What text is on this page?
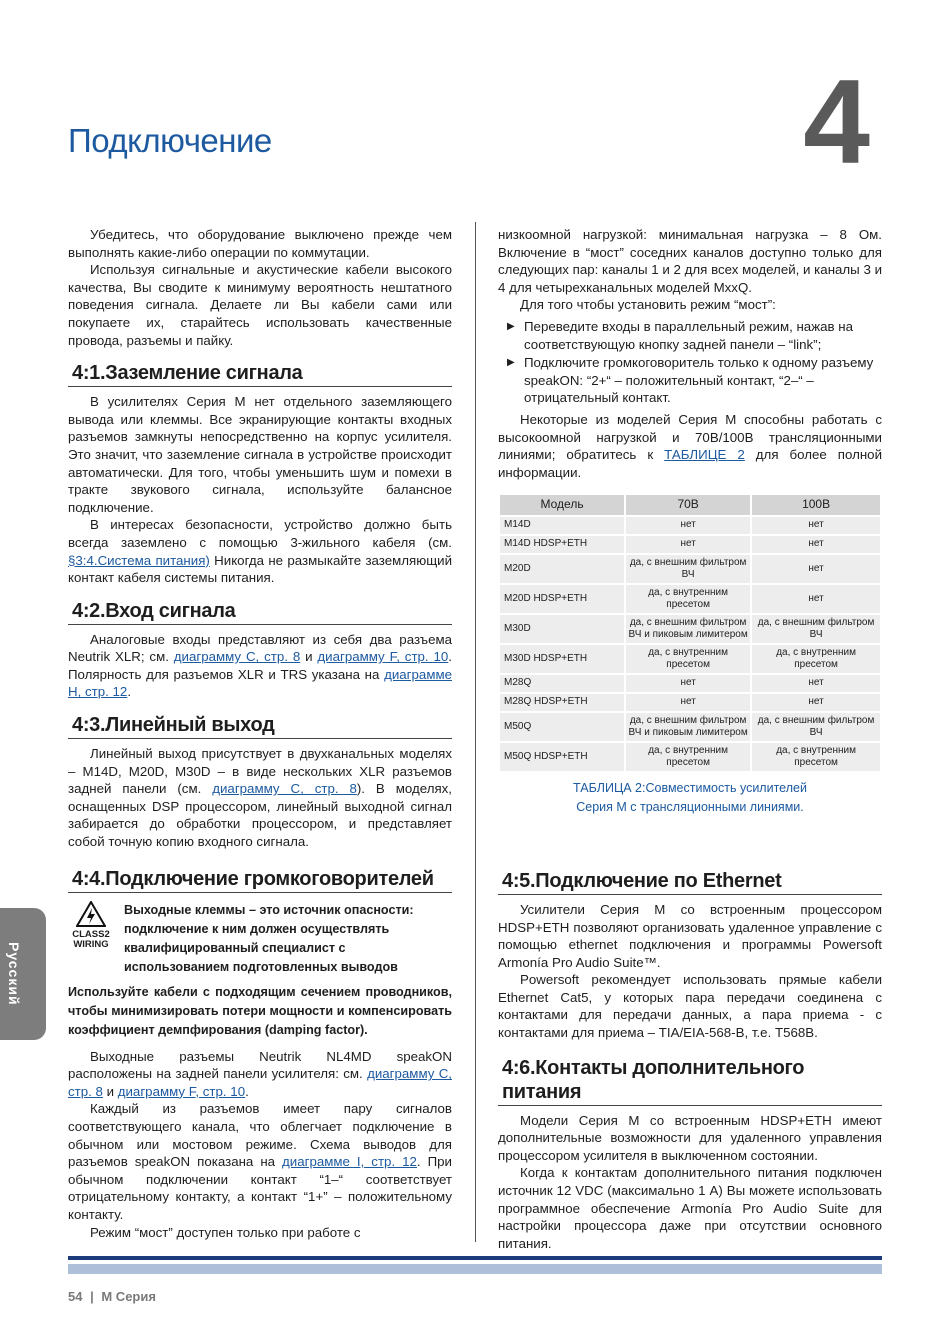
Подключение	4

Убедитесь, что оборудование выключено прежде чем выполнять какие-либо операции по коммутации.

Используя сигнальные и акустические кабели высокого качества, Вы сводите к минимуму вероятность нештатного поведения сигнала. Делаете ли Вы кабели сами или покупаете их, старайтесь использовать качественные провода, разъемы и пайку.

4:1.Заземление сигнала

В усилителях Серия М нет отдельного заземляющего вывода или клеммы. Все экранирующие контакты входных разъемов замкнуты непосредственно на корпус усилителя. Это значит, что заземление сигнала в устройстве происходит автоматически. Для того, чтобы уменьшить шум и помехи в тракте звукового сигнала, используйте балансное подключение.

В интересах безопасности, устройство должно быть всегда заземлено с помощью 3-жильного кабеля (см. §3:4.Система питания) Никогда не размыкайте заземляющий контакт кабеля системы питания.

4:2.Вход сигнала

Аналоговые входы представляют из себя два разъема Neutrik XLR; см. диаграмму C, стр. 8 и диаграмму F, стр. 10. Полярность для разъемов XLR и TRS указана на диаграмме H, стр. 12.

4:3.Линейный выход

Линейный выход присутствует в двухканальных моделях – M14D, M20D, M30D – в виде нескольких XLR разъемов задней панели (см. диаграмму C, стр. 8). В моделях, оснащенных DSP процессором, линейный выходной сигнал забирается до обработки процессором, и представляет собой точную копию входного сигнала.

4:4.Подключение громкоговорителей
CLASS2
WIRING
Выходные клеммы – это источник опасности: подключение к ним должен осуществлять квалифицированный специалист с использованием подготовленных выводов

Используйте кабели с подходящим сечением проводников, чтобы минимизировать потери мощности и компенсировать коэффициент демпфирования (damping factor).

Выходные разъемы Neutrik NL4MD speakON расположены на задней панели усилителя: см. диаграмму C, стр. 8 и диаграмму F, стр. 10.

Каждый из разъемов имеет пару сигналов соответствующего канала, что облегчает подключение в обычном или мостовом режиме. Схема выводов для разъемов speakON показана на диаграмме I, стр. 12. При обычном подключении контакт “1–“ соответствует отрицательному контакту, а контакт “1+” – положительному контакту.

Режим “мост” доступен только при работе с

низкоомной нагрузкой: минимальная нагрузка – 8 Ом. Включение в “мост” соседних каналов доступно только для следующих пар: каналы 1 и 2 для всех моделей, и каналы 3 и 4 для четырехканальных моделей MxxQ.

Для того чтобы установить режим “мост”:

▶ Переведите входы в параллельный режим, нажав на соответствующую кнопку задней панели – “link”;
▶ Подключите громкоговоритель только к одному разъему speakON: “2+“ – положительный контакт, “2–“ – отрицательный контакт.

Некоторые из моделей Серия М способны работать с высокоомной нагрузкой и 70В/100В трансляционными линиями; обратитесь к ТАБЛИЦЕ 2 для более полной информации.

Модель	70В	100В
M14D	нет	нет
M14D HDSP+ETH	нет	нет
M20D	да, с внешним фильтром ВЧ	нет
M20D HDSP+ETH	да, с внутренним пресетом	нет
M30D	да, с внешним фильтром ВЧ и пиковым лимитером	да, с внешним фильтром ВЧ
M30D HDSP+ETH	да, с внутренним пресетом	да, с внутренним пресетом
M28Q	нет	нет
M28Q HDSP+ETH	нет	нет
M50Q	да, с внешним фильтром ВЧ и пиковым лимитером	да, с внешним фильтром ВЧ
M50Q HDSP+ETH	да, с внутренним пресетом	да, с внутренним пресетом
ТАБЛИЦА 2:Совместимость усилителей
Серия М с трансляционными линиями.
4:5.Подключение по Ethernet

Усилители Серия М со встроенным процессором HDSP+ETH позволяют организовать удаленное управление с помощью ethernet подключения и программы Powersoft Armonía Pro Audio Suite™.

Powersoft рекомендует использовать прямые кабели Ethernet Cat5, у которых пара передачи соединена с контактами для передачи данных, а пара приема - с контактами для приема – TIA/EIA-568-B, т.е. T568B.

4:6.Контакты дополнительного питания

Модели Серия М со встроенным HDSP+ETH имеют дополнительные возможности для удаленного управления процессором усилителя в выключенном состоянии.

Когда к контактам дополнительного питания подключен источник 12 VDC (максимально 1 А) Вы можете использовать программное обеспечение Armonía Pro Audio Suite для настройки процессора даже при отсутствии основного питания.

Русский
54 | M Серия
